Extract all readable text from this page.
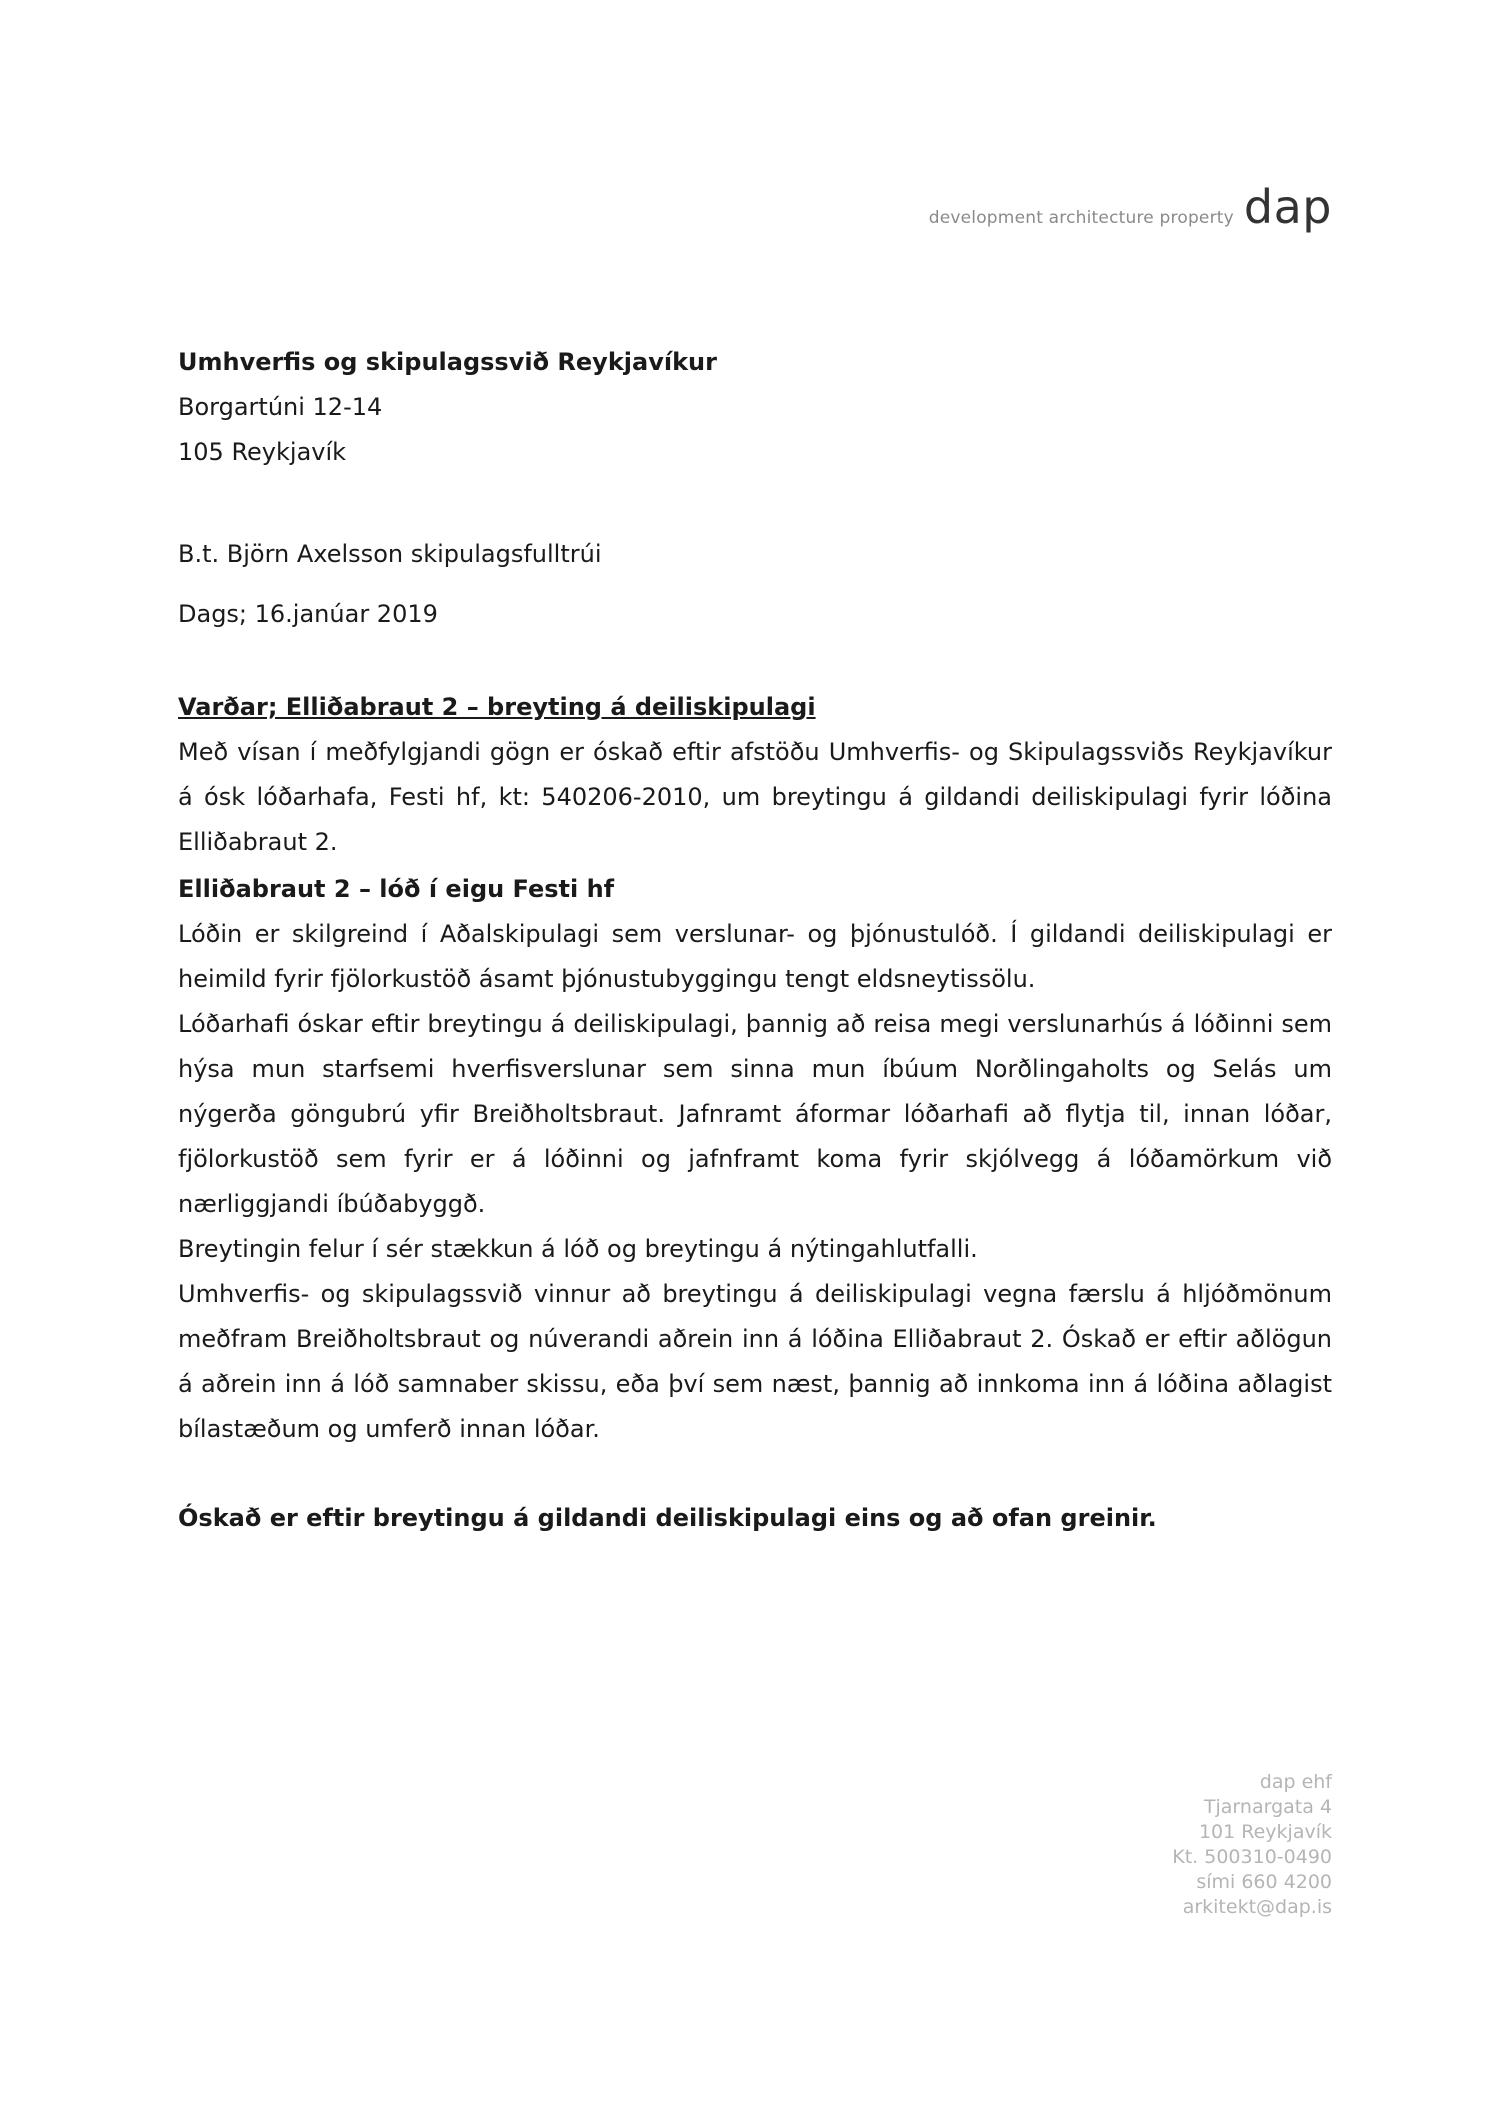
development architecture property dap
Umhverfis og skipulagssvið Reykjavíkur
Borgartúni 12-14
105 Reykjavík
B.t. Björn Axelsson skipulagsfulltrúi
Dags; 16.janúar 2019
Varðar; Elliðabraut 2 – breyting á deiliskipulagi

Með vísan í meðfylgjandi gögn er óskað eftir afstöðu Umhverfis- og Skipulagssviðs Reykjavíkur á ósk lóðarhafa, Festi hf, kt: 540206-2010, um breytingu á gildandi deiliskipulagi fyrir lóðina Elliðabraut 2.

Elliðabraut 2 – lóð í eigu Festi hf

Lóðin er skilgreind í Aðalskipulagi sem verslunar- og þjónustulóð. Í gildandi deiliskipulagi er heimild fyrir fjölorkustöð ásamt þjónustubyggingu tengt eldsneytissölu.

Lóðarhafi óskar eftir breytingu á deiliskipulagi, þannig að reisa megi verslunarhús á lóðinni sem hýsa mun starfsemi hverfisverslunar sem sinna mun íbúum Norðlingaholts og Selás um nýgerða göngubrú yfir Breiðholtsbraut. Jafnramt áformar lóðarhafi að flytja til, innan lóðar, fjölorkustöð sem fyrir er á lóðinni og jafnframt koma fyrir skjólvegg á lóðamörkum við nærliggjandi íbúðabyggð.

Breytingin felur í sér stækkun á lóð og breytingu á nýtingahlutfalli.

Umhverfis- og skipulagssvið vinnur að breytingu á deiliskipulagi vegna færslu á hljóðmönum meðfram Breiðholtsbraut og núverandi aðrein inn á lóðina Elliðabraut 2. Óskað er eftir aðlögun á aðrein inn á lóð samnaber skissu, eða því sem næst, þannig að innkoma inn á lóðina aðlagist bílastæðum og umferð innan lóðar.

Óskað er eftir breytingu á gildandi deiliskipulagi eins og að ofan greinir.
dap ehf
Tjarnargata 4
101 Reykjavík
Kt. 500310-0490
sími 660 4200
arkitekt@dap.is
